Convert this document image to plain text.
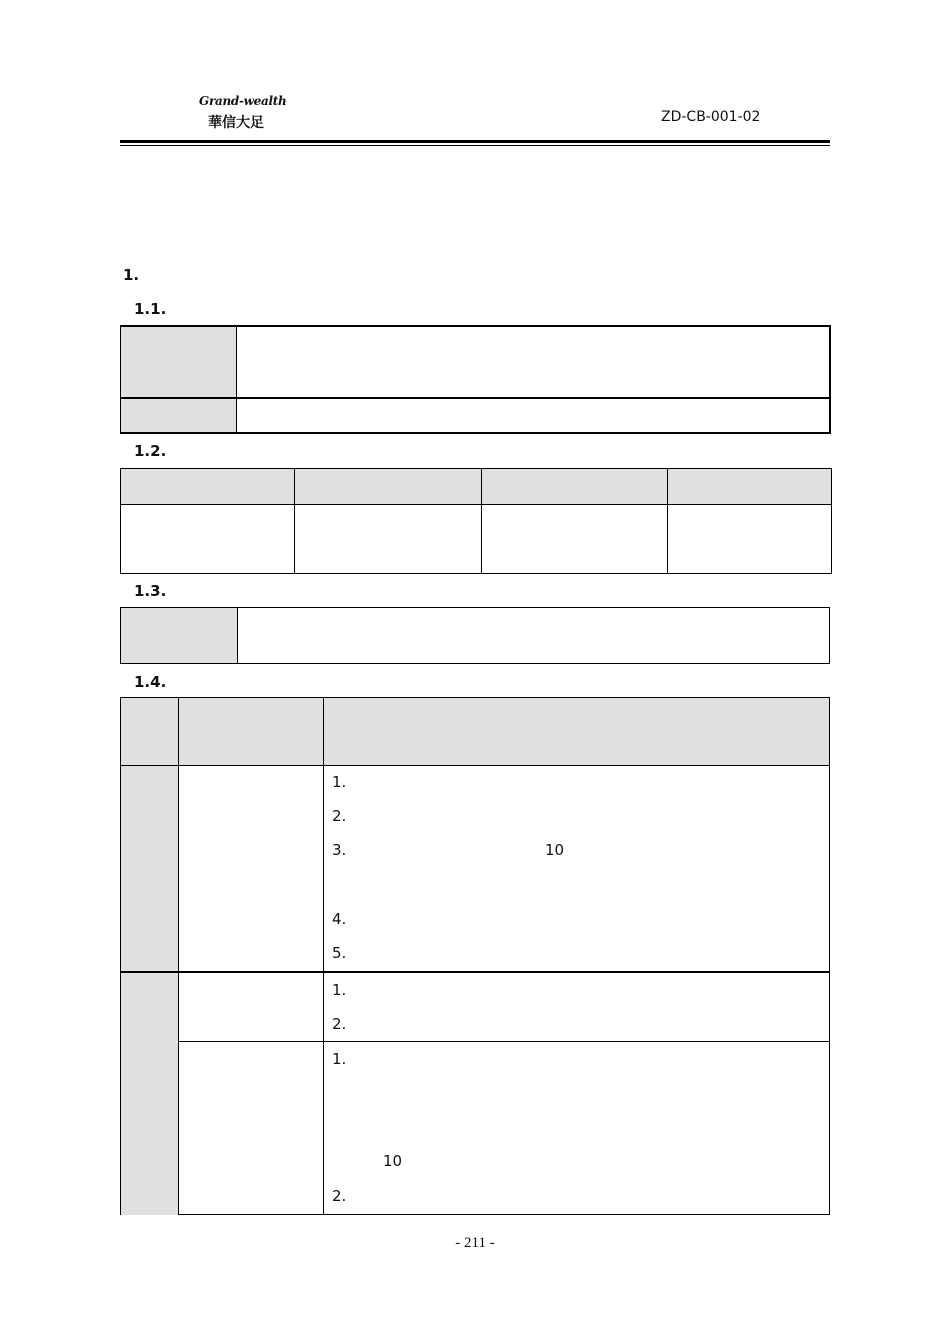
Grand-wealth
華信大足	ZD-CB-001-02
1.
1.1.
1.2.
1.3.
1.4.
1.
2.
3.	10
4.
5.
1.
2.
1.
10
2.
- 211 -
